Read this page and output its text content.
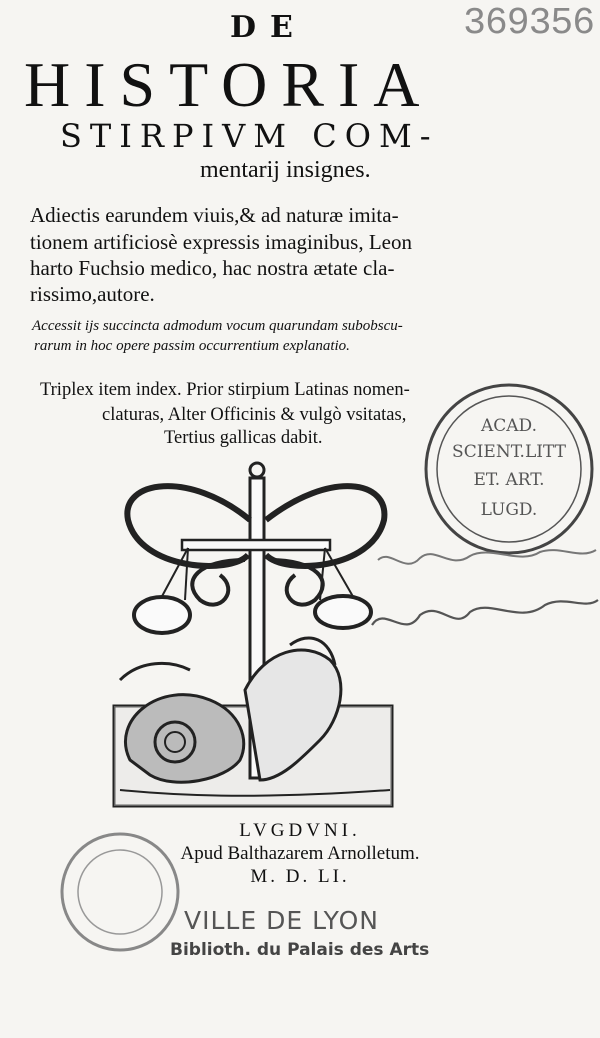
369356
DE
HISTORIA
STIRPIVM COM-
mentarij insignes.
Adiectis earundem viuis,& ad naturæ imita-
tionem artificiosè expressis imaginibus, Leon
harto Fuchsio medico, hac nostra ætate cla-
rissimo,autore.
Accessit ijs succincta admodum vocum quarundam subobscu-
rarum in hoc opere passim occurrentium explanatio.
Triplex item index. Prior stirpium Latinas nomen-
claturas, Alter Officinis & vulgò vsitatas,
Tertius gallicas dabit.
ACAD.
SCIENT.LITT
ET. ART.
LUGD.
LVGDVNI.
Apud Balthazarem Arnolletum.
M. D. LI.
VILLE DE LYON
Biblioth. du Palais des Arts
